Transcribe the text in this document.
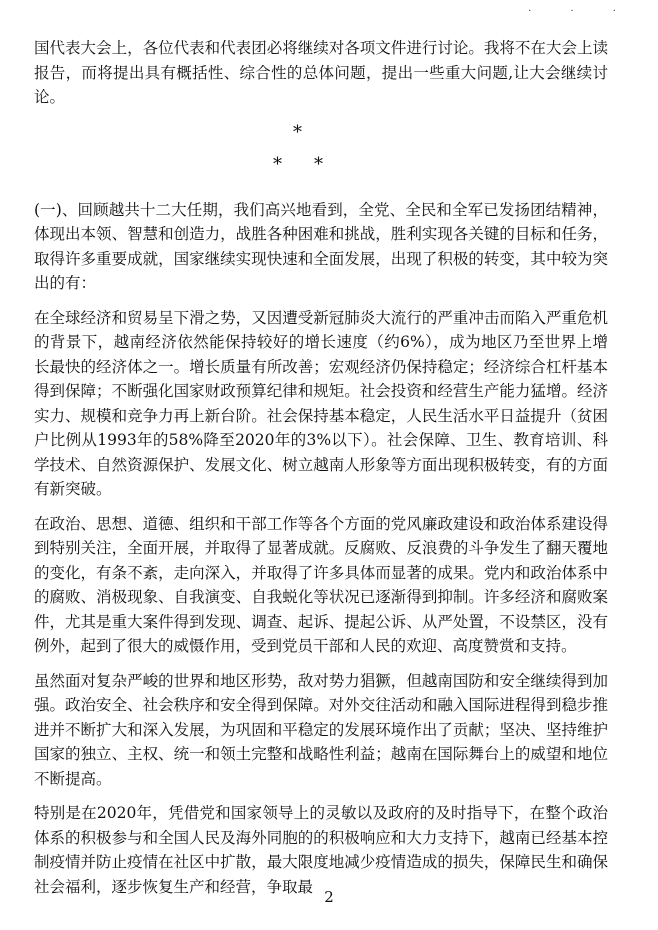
· · ·

国代表大会上，各位代表和代表团必将继续对各项文件进行讨论。我将不在大会上读报告，而将提出具有概括性、综合性的总体问题，提出一些重大问题,让大会继续讨论。

*
* *

(一)、回顾越共十二大任期，我们高兴地看到，全党、全民和全军已发扬团结精神，体现出本领、智慧和创造力，战胜各种困难和挑战，胜利实现各关键的目标和任务，取得许多重要成就，国家继续实现快速和全面发展，出现了积极的转变，其中较为突出的有：

在全球经济和贸易呈下滑之势，又因遭受新冠肺炎大流行的严重冲击而陷入严重危机的背景下，越南经济依然能保持较好的增长速度（约6%），成为地区乃至世界上增长最快的经济体之一。增长质量有所改善；宏观经济仍保持稳定；经济综合杠杆基本得到保障；不断强化国家财政预算纪律和规矩。社会投资和经营生产能力猛增。经济实力、规模和竞争力再上新台阶。社会保持基本稳定，人民生活水平日益提升（贫困户比例从1993年的58%降至2020年的3%以下）。社会保障、卫生、教育培训、科学技术、自然资源保护、发展文化、树立越南人形象等方面出现积极转变，有的方面有新突破。

在政治、思想、道德、组织和干部工作等各个方面的党风廉政建设和政治体系建设得到特别关注，全面开展，并取得了显著成就。反腐败、反浪费的斗争发生了翻天覆地的变化，有条不紊，走向深入，并取得了许多具体而显著的成果。党内和政治体系中的腐败、消极现象、自我演变、自我蜕化等状况已逐渐得到抑制。许多经济和腐败案件，尤其是重大案件得到发现、调查、起诉、提起公诉、从严处置，不设禁区，没有例外，起到了很大的威慑作用，受到党员干部和人民的欢迎、高度赞赏和支持。

虽然面对复杂严峻的世界和地区形势，敌对势力猖獗，但越南国防和安全继续得到加强。政治安全、社会秩序和安全得到保障。对外交往活动和融入国际进程得到稳步推进并不断扩大和深入发展，为巩固和平稳定的发展环境作出了贡献；坚决、坚持维护国家的独立、主权、统一和领土完整和战略性利益；越南在国际舞台上的威望和地位不断提高。

特别是在2020年，凭借党和国家领导上的灵敏以及政府的及时指导下，在整个政治体系的积极参与和全国人民及海外同胞的的积极响应和大力支持下，越南已经基本控制疫情并防止疫情在社区中扩散，最大限度地减少疫情造成的损失，保障民生和确保社会福利，逐步恢复生产和经营，争取最

2
